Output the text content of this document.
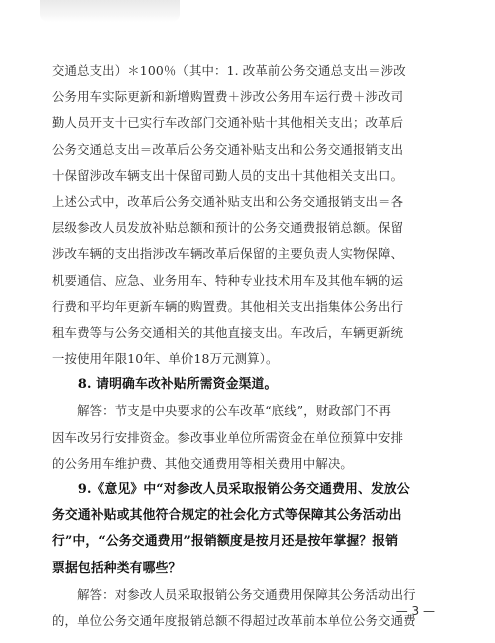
交通总支出）＊100％（其中：1. 改革前公务交通总支出＝涉改
公务用车实际更新和新增购置费＋涉改公务用车运行费＋涉改司
勤人员开支十已实行车改部门交通补贴十其他相关支出；改革后
公务交通总支出＝改革后公务交通补贴支出和公务交通报销支出
十保留涉改车辆支出十保留司勤人员的支出十其他相关支出口。
上述公式中，改革后公务交通补贴支出和公务交通报销支出＝各
层级参改人员发放补贴总额和预计的公务交通费报销总额。保留
涉改车辆的支出指涉改车辆改革后保留的主要负责人实物保障、
机要通信、应急、业务用车、特种专业技术用车及其他车辆的运
行费和平均年更新车辆的购置费。其他相关支出指集体公务出行
租车费等与公务交通相关的其他直接支出。车改后，车辆更新统
一按使用年限10年、单价18万元测算）。
　　8. 请明确车改补贴所需资金渠道。
　　解答：节支是中央要求的公车改革“底线”，财政部门不再
因车改另行安排资金。参改事业单位所需资金在单位预算中安排
的公务用车维护费、其他交通费用等相关费用中解决。
　　9.《意见》中“对参改人员采取报销公务交通费用、发放公
务交通补贴或其他符合规定的社会化方式等保障其公务活动出
行”中，“公务交通费用”报销额度是按月还是按年掌握？报销
票据包括种类有哪些？
　　解答：对参改人员采取报销公务交通费用保障其公务活动出行
的，单位公务交通年度报销总额不得超过改革前本单位公务交通费
— 3 —
